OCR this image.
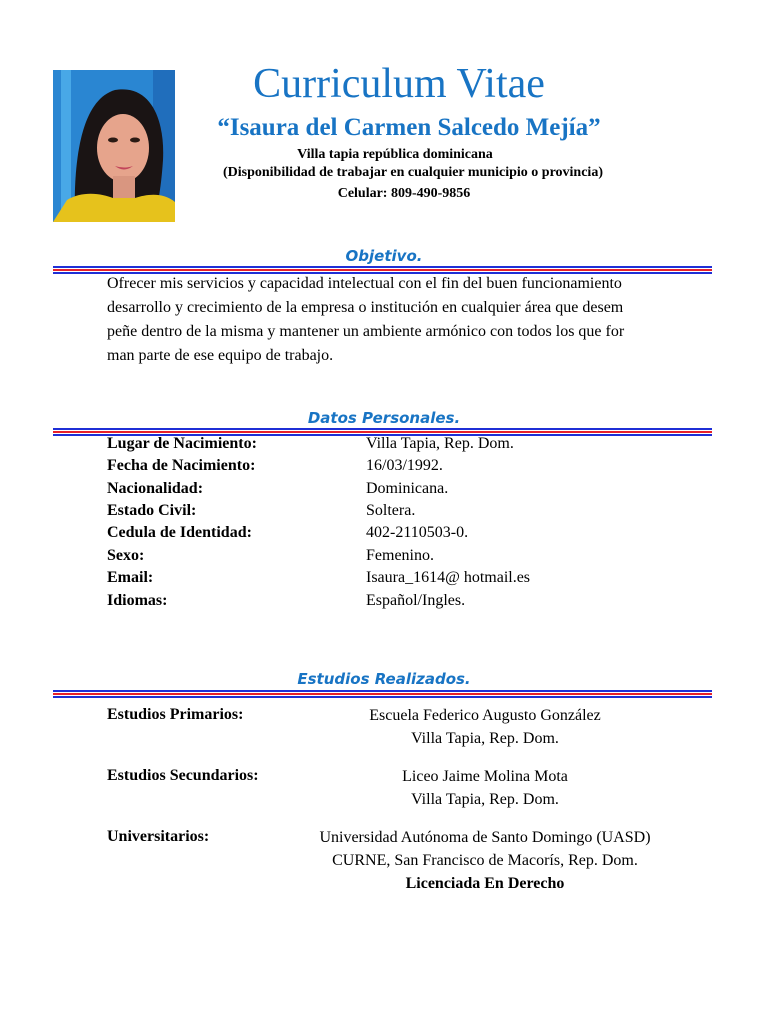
Curriculum Vitae
“Isaura del Carmen Salcedo Mejía”
Villa tapia república dominicana
(Disponibilidad de trabajar en cualquier municipio o provincia)
Celular: 809-490-9856
Objetivo.
Ofrecer mis servicios y capacidad intelectual con el fin del buen funcionamiento
desarrollo y crecimiento de la empresa o institución en cualquier área que desem
peñe dentro de la misma y mantener un ambiente armónico con todos los que for
man parte de ese equipo de trabajo.
Datos Personales.
Lugar de Nacimiento:	Villa Tapia, Rep. Dom.
Fecha de Nacimiento:	16/03/1992.
Nacionalidad:	Dominicana.
Estado Civil:	Soltera.
Cedula de Identidad:	402-2110503-0.
Sexo:	Femenino.
Email:	Isaura_1614@ hotmail.es
Idiomas:	Español/Ingles.
Estudios Realizados.
Estudios Primarios:	Escuela Federico Augusto González
Villa Tapia, Rep. Dom.
Estudios Secundarios:	Liceo Jaime Molina Mota
Villa Tapia, Rep. Dom.
Universitarios:	Universidad Autónoma de Santo Domingo (UASD)
CURNE, San Francisco de Macorís, Rep. Dom.
Licenciada En Derecho
